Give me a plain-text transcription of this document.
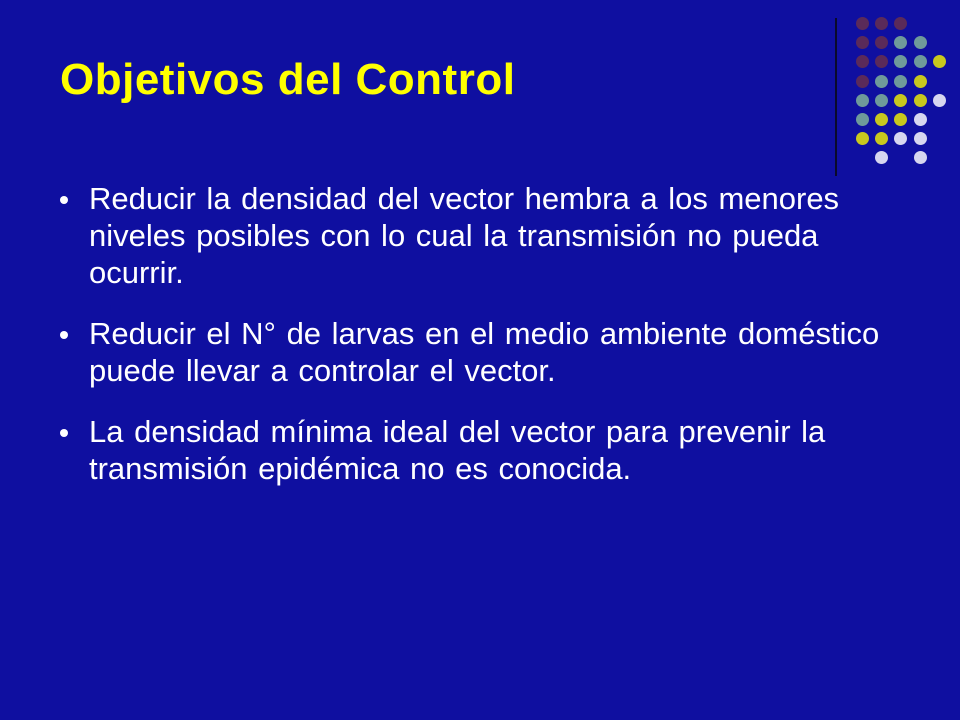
Objetivos del Control
Reducir la densidad del vector hembra a los menores niveles posibles con lo cual la transmisión no pueda ocurrir.
Reducir el N° de larvas en el medio ambiente doméstico puede llevar a controlar el vector.
La densidad mínima ideal del vector para prevenir la transmisión epidémica no es conocida.
